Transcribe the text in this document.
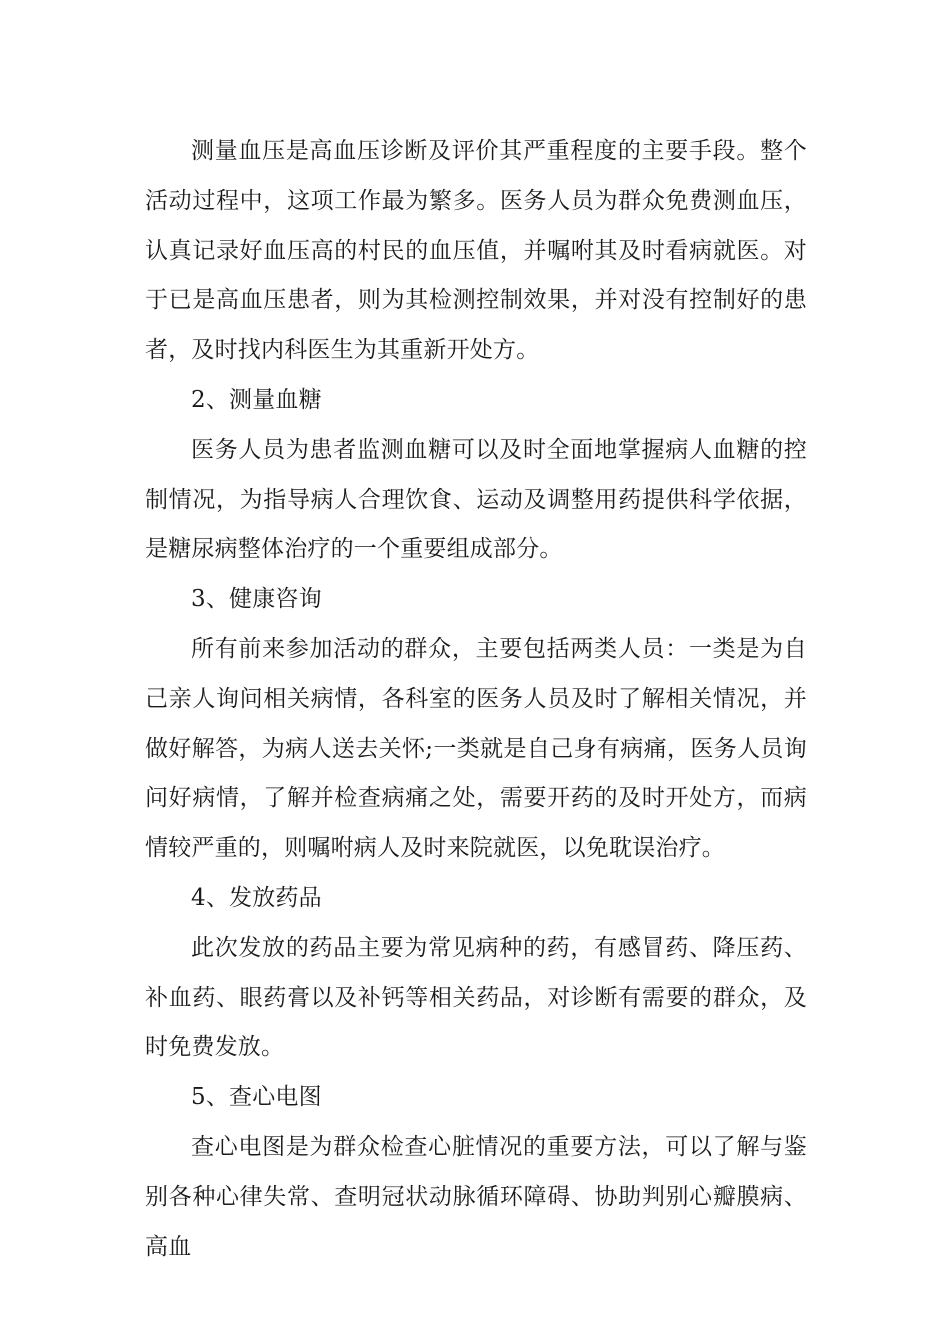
测量血压是高血压诊断及评价其严重程度的主要手段。整个活动过程中，这项工作最为繁多。医务人员为群众免费测血压，认真记录好血压高的村民的血压值，并嘱咐其及时看病就医。对于已是高血压患者，则为其检测控制效果，并对没有控制好的患者，及时找内科医生为其重新开处方。

2、测量血糖

医务人员为患者监测血糖可以及时全面地掌握病人血糖的控制情况，为指导病人合理饮食、运动及调整用药提供科学依据，是糖尿病整体治疗的一个重要组成部分。

3、健康咨询

所有前来参加活动的群众，主要包括两类人员：一类是为自己亲人询问相关病情，各科室的医务人员及时了解相关情况，并做好解答，为病人送去关怀;一类就是自己身有病痛，医务人员询问好病情，了解并检查病痛之处，需要开药的及时开处方，而病情较严重的，则嘱咐病人及时来院就医，以免耽误治疗。

4、发放药品

此次发放的药品主要为常见病种的药，有感冒药、降压药、补血药、眼药膏以及补钙等相关药品，对诊断有需要的群众，及时免费发放。

5、查心电图

查心电图是为群众检查心脏情况的重要方法，可以了解与鉴别各种心律失常、查明冠状动脉循环障碍、协助判别心瓣膜病、高血
